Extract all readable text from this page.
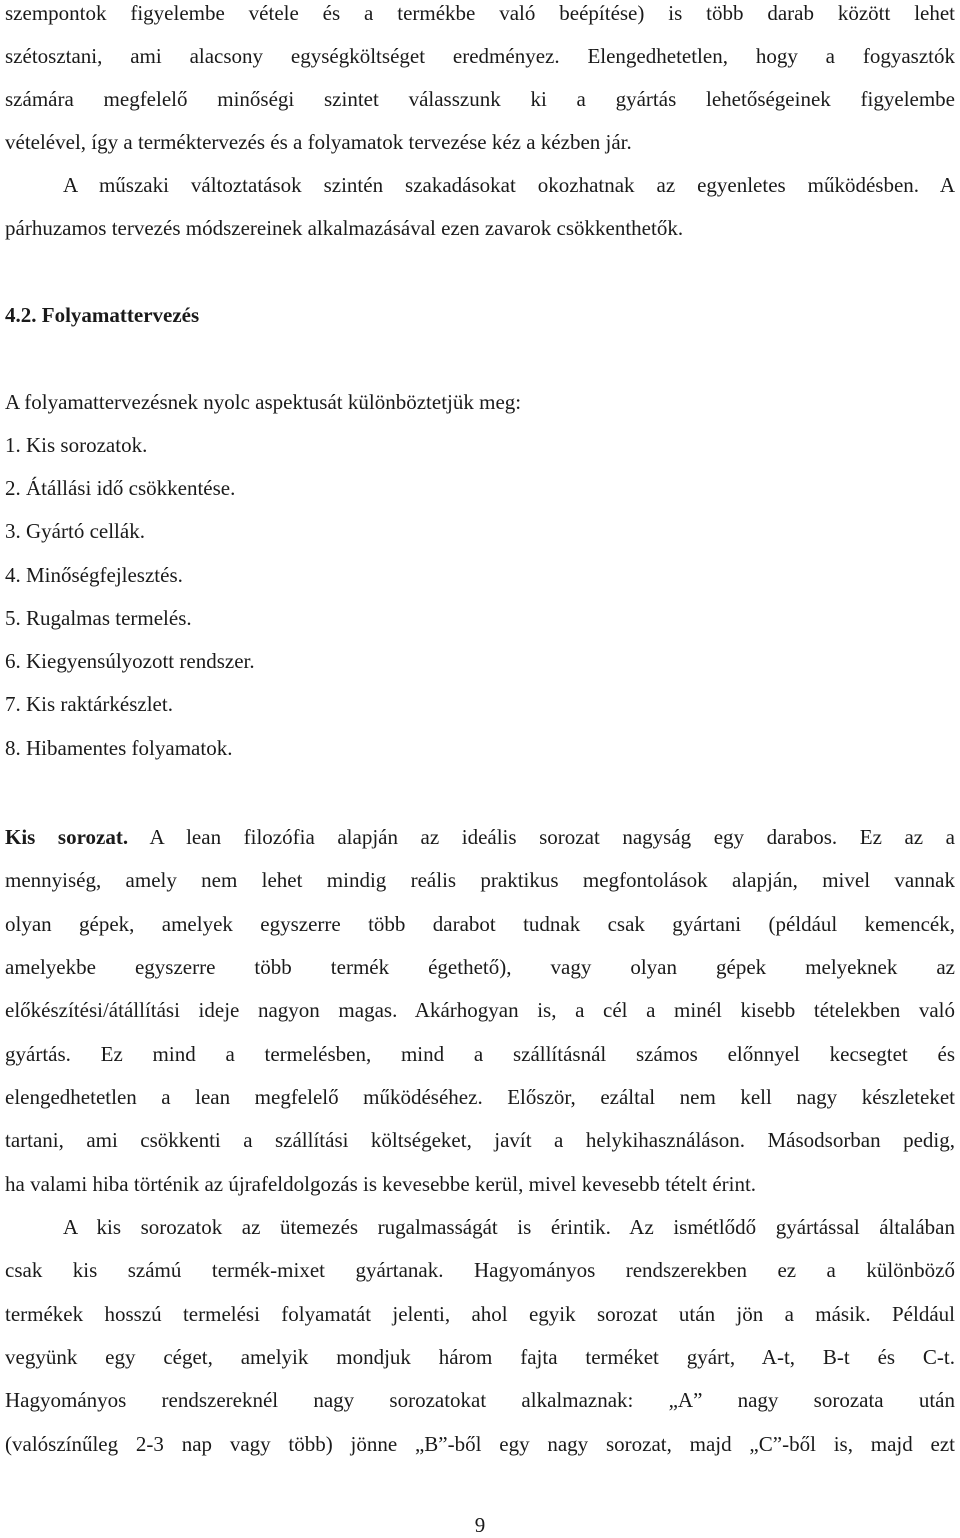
szempontok figyelembe vétele és a termékbe való beépítése) is több darab között lehet
szétosztani, ami alacsony egységköltséget eredményez. Elengedhetetlen, hogy a fogyasztók
számára megfelelő minőségi szintet válasszunk ki a gyártás lehetőségeinek figyelembe
vételével, így a terméktervezés és a folyamatok tervezése kéz a kézben jár.
A műszaki változtatások szintén szakadásokat okozhatnak az egyenletes működésben. A
párhuzamos tervezés módszereinek alkalmazásával ezen zavarok csökkenthetők.
4.2. Folyamattervezés
A folyamattervezésnek nyolc aspektusát különböztetjük meg:
1. Kis sorozatok.
2. Átállási idő csökkentése.
3. Gyártó cellák.
4. Minőségfejlesztés.
5. Rugalmas termelés.
6. Kiegyensúlyozott rendszer.
7. Kis raktárkészlet.
8. Hibamentes folyamatok.
Kis sorozat. A lean filozófia alapján az ideális sorozat nagyság egy darabos. Ez az a
mennyiség, amely nem lehet mindig reális praktikus megfontolások alapján, mivel vannak
olyan gépek, amelyek egyszerre több darabot tudnak csak gyártani (például kemencék,
amelyekbe egyszerre több termék égethető), vagy olyan gépek melyeknek az
előkészítési/átállítási ideje nagyon magas. Akárhogyan is, a cél a minél kisebb tételekben való
gyártás. Ez mind a termelésben, mind a szállításnál számos előnnyel kecsegtet és
elengedhetetlen a lean megfelelő működéséhez. Először, ezáltal nem kell nagy készleteket
tartani, ami csökkenti a szállítási költségeket, javít a helykihasználáson. Másodsorban pedig,
ha valami hiba történik az újrafeldolgozás is kevesebbe kerül, mivel kevesebb tételt érint.
A kis sorozatok az ütemezés rugalmasságát is érintik. Az ismétlődő gyártással általában
csak kis számú termék-mixet gyártanak. Hagyományos rendszerekben ez a különböző
termékek hosszú termelési folyamatát jelenti, ahol egyik sorozat után jön a másik. Például
vegyünk egy céget, amelyik mondjuk három fajta terméket gyárt, A-t, B-t és C-t.
Hagyományos rendszereknél nagy sorozatokat alkalmaznak: „A” nagy sorozata után
(valószínűleg 2-3 nap vagy több) jönne „B”-ből egy nagy sorozat, majd „C”-ből is, majd ezt
9
